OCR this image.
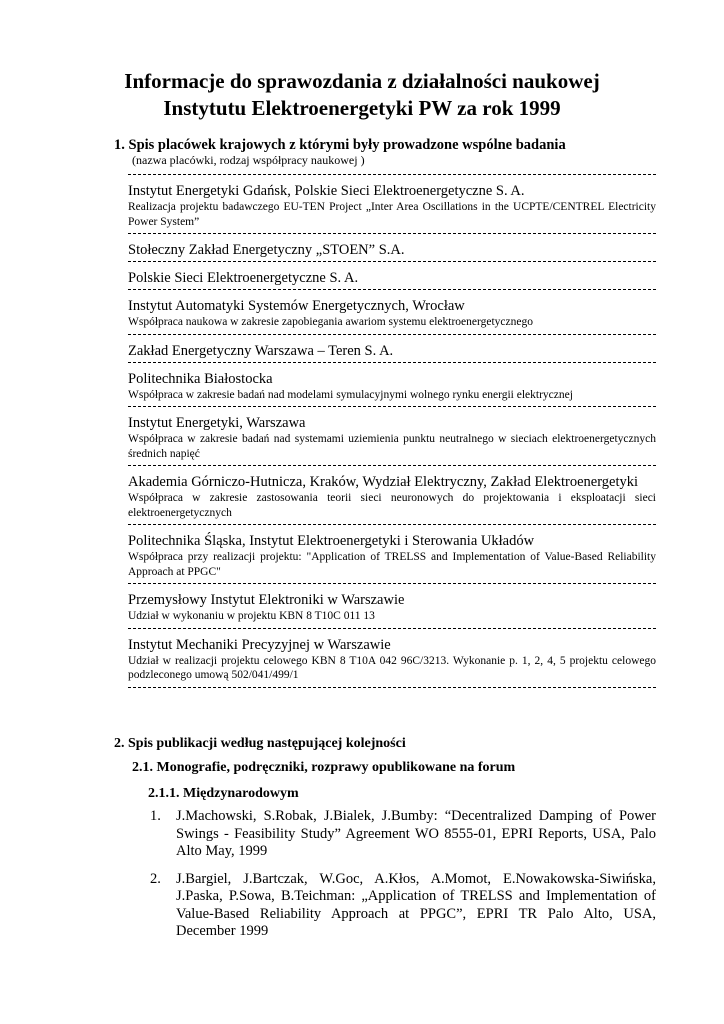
Informacje do sprawozdania z działalności naukowej
Instytutu Elektroenergetyki PW za rok 1999
1. Spis placówek krajowych z którymi były prowadzone wspólne badania
(nazwa placówki, rodzaj współpracy naukowej )
Instytut Energetyki Gdańsk, Polskie Sieci Elektroenergetyczne S. A.
Realizacja projektu badawczego EU-TEN Project „Inter Area Oscillations in the UCPTE/CENTREL Electricity Power System”
Stołeczny Zakład Energetyczny „STOEN” S.A.
Polskie Sieci Elektroenergetyczne S. A.
Instytut Automatyki Systemów Energetycznych, Wrocław
Współpraca naukowa w zakresie zapobiegania awariom systemu elektroenergetycznego
Zakład Energetyczny Warszawa – Teren S. A.
Politechnika Białostocka
Współpraca w zakresie badań nad modelami symulacyjnymi wolnego rynku energii elektrycznej
Instytut Energetyki, Warszawa
Współpraca w zakresie badań nad systemami uziemienia punktu neutralnego w sieciach elektroenergetycznych średnich napięć
Akademia Górniczo-Hutnicza, Kraków, Wydział Elektryczny, Zakład Elektroenergetyki
Współpraca w zakresie zastosowania teorii sieci neuronowych do projektowania i eksploatacji sieci elektroenergetycznych
Politechnika Śląska, Instytut Elektroenergetyki i Sterowania Układów
Współpraca przy realizacji projektu: "Application of TRELSS and Implementation of Value-Based Reliability Approach at PPGC"
Przemysłowy Instytut Elektroniki w Warszawie
Udział w wykonaniu w projektu KBN 8 T10C 011 13
Instytut Mechaniki Precyzyjnej w Warszawie
Udział w realizacji projektu celowego KBN 8 T10A 042 96C/3213. Wykonanie p. 1, 2, 4, 5 projektu celowego podzleconego umową 502/041/499/1
2. Spis publikacji według następującej kolejności
2.1. Monografie, podręczniki, rozprawy opublikowane na forum
2.1.1. Międzynarodowym
1.	J.Machowski, S.Robak, J.Bialek, J.Bumby: “Decentralized Damping of Power Swings - Feasibility Study” Agreement WO 8555-01, EPRI Reports, USA, Palo Alto May, 1999
2.	J.Bargiel, J.Bartczak, W.Goc, A.Kłos, A.Momot, E.Nowakowska-Siwińska, J.Paska, P.Sowa, B.Teichman: „Application of TRELSS and Implementation of Value-Based Reliability Approach at PPGC”, EPRI TR Palo Alto, USA, December 1999
